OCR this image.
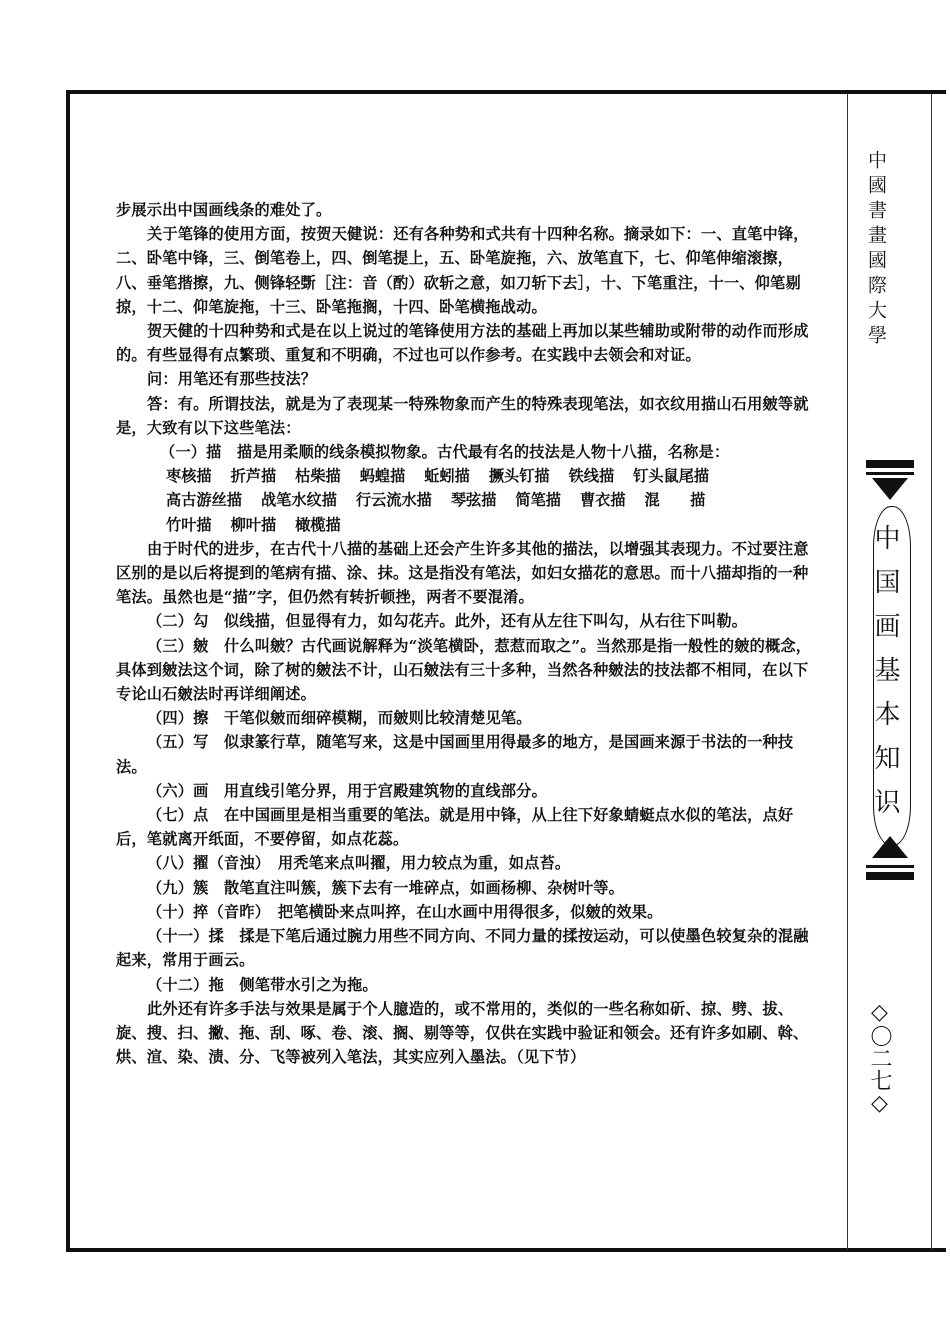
中國書畫國際大學
中国画基本知识
◇〇二七◇

步展示出中国画线条的难处了。

关于笔锋的使用方面，按贺天健说：还有各种势和式共有十四种名称。摘录如下：一、直笔中锋，二、卧笔中锋，三、倒笔卷上，四、倒笔提上，五、卧笔旋拖，六、放笔直下，七、仰笔伸缩滚擦，八、垂笔揩擦，九、侧锋轻斲［注：音（酌）砍斩之意，如刀斩下去］，十、下笔重注，十一、仰笔剔掠，十二、仰笔旋拖，十三、卧笔拖搁，十四、卧笔横拖战动。

贺天健的十四种势和式是在以上说过的笔锋使用方法的基础上再加以某些辅助或附带的动作而形成的。有些显得有点繁琐、重复和不明确，不过也可以作参考。在实践中去领会和对证。

问：用笔还有那些技法？

答：有。所谓技法，就是为了表现某一特殊物象而产生的特殊表现笔法，如衣纹用描山石用皴等就是，大致有以下这些笔法：

（一）描　描是用柔顺的线条模拟物象。古代最有名的技法是人物十八描，名称是：

枣核描 折芦描 枯柴描 蚂蝗描 蚯蚓描 撅头钉描 铁线描 钉头鼠尾描
高古游丝描 战笔水纹描 行云流水描 琴弦描 简笔描 曹衣描 混　　描
竹叶描 柳叶描 橄榄描

由于时代的进步，在古代十八描的基础上还会产生许多其他的描法，以增强其表现力。不过要注意区别的是以后将提到的笔病有描、涂、抹。这是指没有笔法，如妇女描花的意思。而十八描却指的一种笔法。虽然也是“描”字，但仍然有转折顿挫，两者不要混淆。

（二）勾　似线描，但显得有力，如勾花卉。此外，还有从左往下叫勾，从右往下叫勒。

（三）皴　什么叫皴？古代画说解释为“淡笔横卧，惹惹而取之”。当然那是指一般性的皴的概念，具体到皴法这个词，除了树的皴法不计，山石皴法有三十多种，当然各种皴法的技法都不相同，在以下专论山石皴法时再详细阐述。

（四）擦　干笔似皴而细碎模糊，而皴则比较清楚见笔。

（五）写　似隶篆行草，随笔写来，这是中国画里用得最多的地方，是国画来源于书法的一种技法。

（六）画　用直线引笔分界，用于宫殿建筑物的直线部分。

（七）点　在中国画里是相当重要的笔法。就是用中锋，从上往下好象蜻蜓点水似的笔法，点好后，笔就离开纸面，不要停留，如点花蕊。

（八）擢（音浊）　用秃笔来点叫擢，用力较点为重，如点苔。

（九）簇　散笔直注叫簇，簇下去有一堆碎点，如画杨柳、杂树叶等。

（十）捽（音昨）　把笔横卧来点叫捽，在山水画中用得很多，似皴的效果。

（十一）揉　揉是下笔后通过腕力用些不同方向、不同力量的揉按运动，可以使墨色较复杂的混融起来，常用于画云。

（十二）拖　侧笔带水引之为拖。

此外还有许多手法与效果是属于个人臆造的，或不常用的，类似的一些名称如斫、掠、劈、拔、旋、搜、扫、撇、拖、刮、啄、卷、滚、搁、剔等等，仅供在实践中验证和领会。还有许多如刷、斡、烘、渲、染、渍、分、飞等被列入笔法，其实应列入墨法。（见下节）
